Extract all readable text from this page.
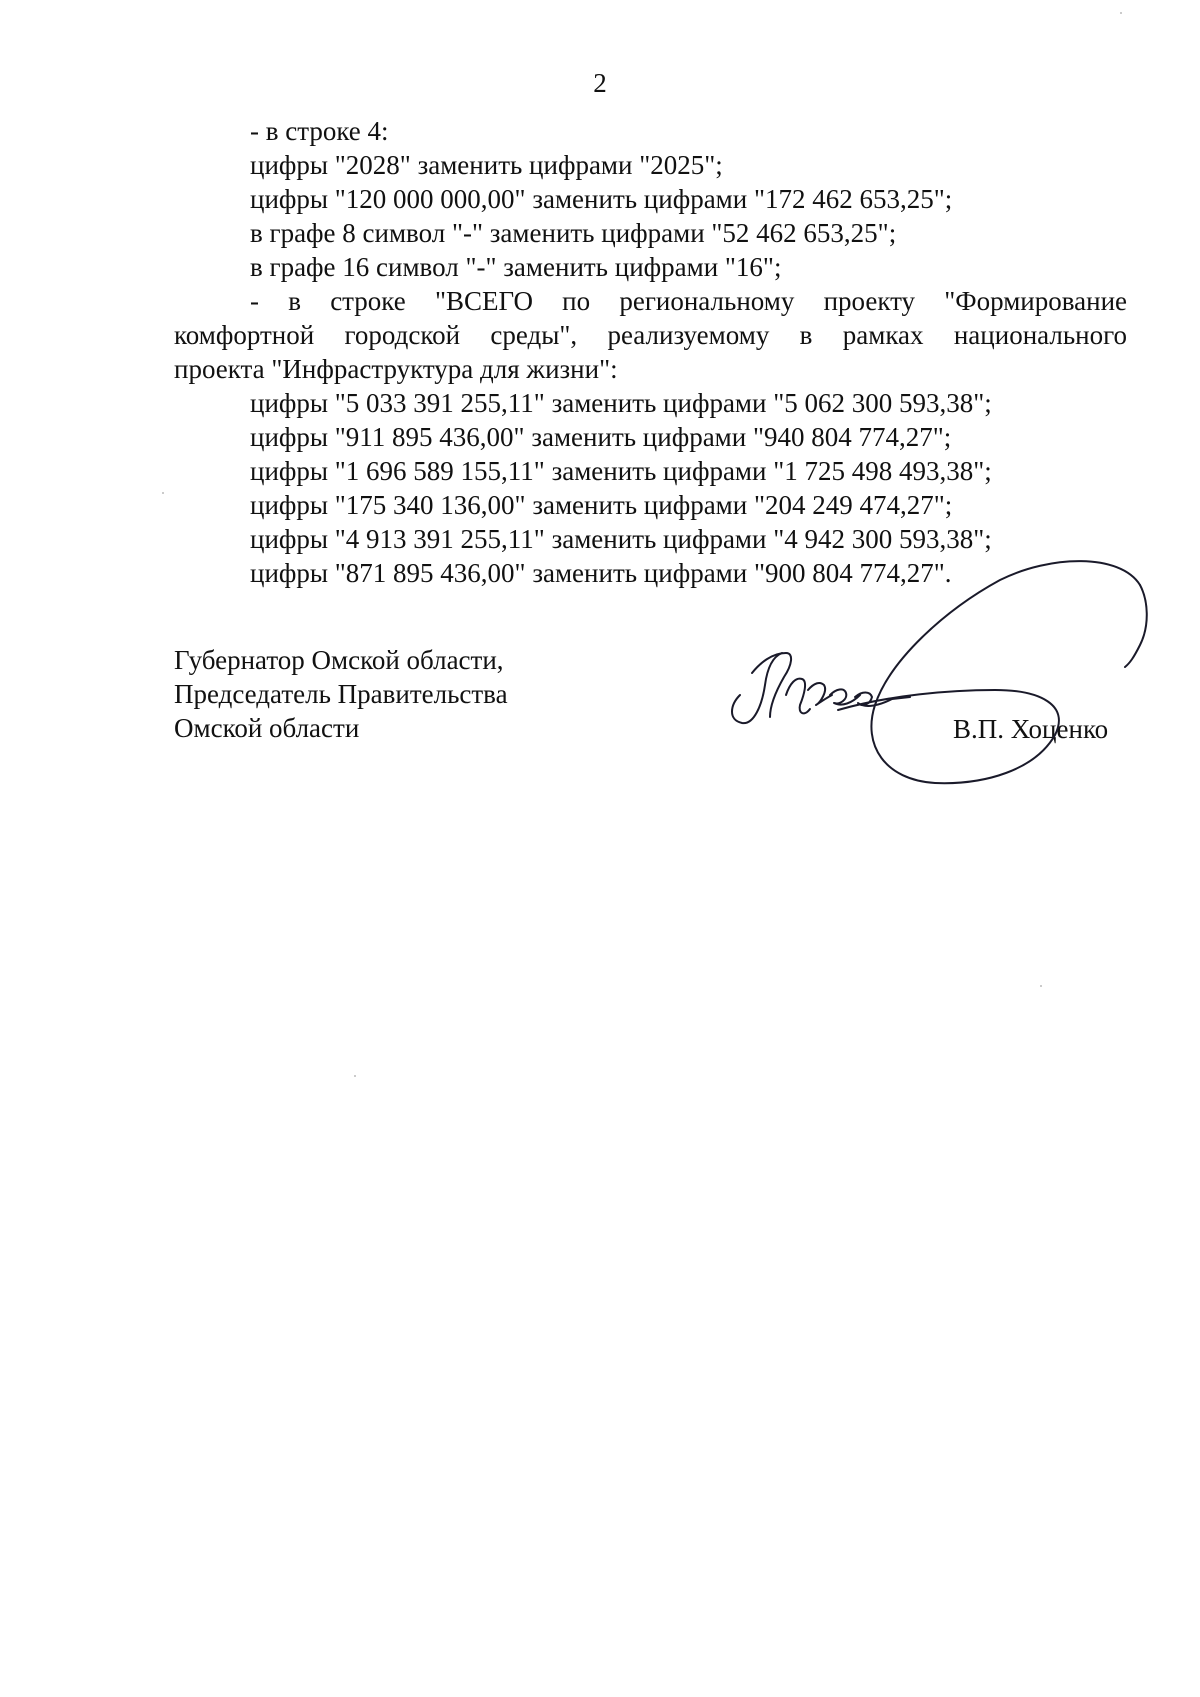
2
- в строке 4:
цифры "2028" заменить цифрами "2025";
цифры "120 000 000,00" заменить цифрами "172 462 653,25";
в графе 8 символ "-" заменить цифрами "52 462 653,25";
в графе 16 символ "-" заменить цифрами "16";
- в строке "ВСЕГО по региональному проекту "Формирование
комфортной городской среды", реализуемому в рамках национального
проекта "Инфраструктура для жизни":
цифры "5 033 391 255,11" заменить цифрами "5 062 300 593,38";
цифры "911 895 436,00" заменить цифрами "940 804 774,27";
цифры "1 696 589 155,11" заменить цифрами "1 725 498 493,38";
цифры "175 340 136,00" заменить цифрами "204 249 474,27";
цифры "4 913 391 255,11" заменить цифрами "4 942 300 593,38";
цифры "871 895 436,00" заменить цифрами "900 804 774,27".
Губернатор Омской области,
Председатель Правительства
Омской области	В.П. Хоценко
